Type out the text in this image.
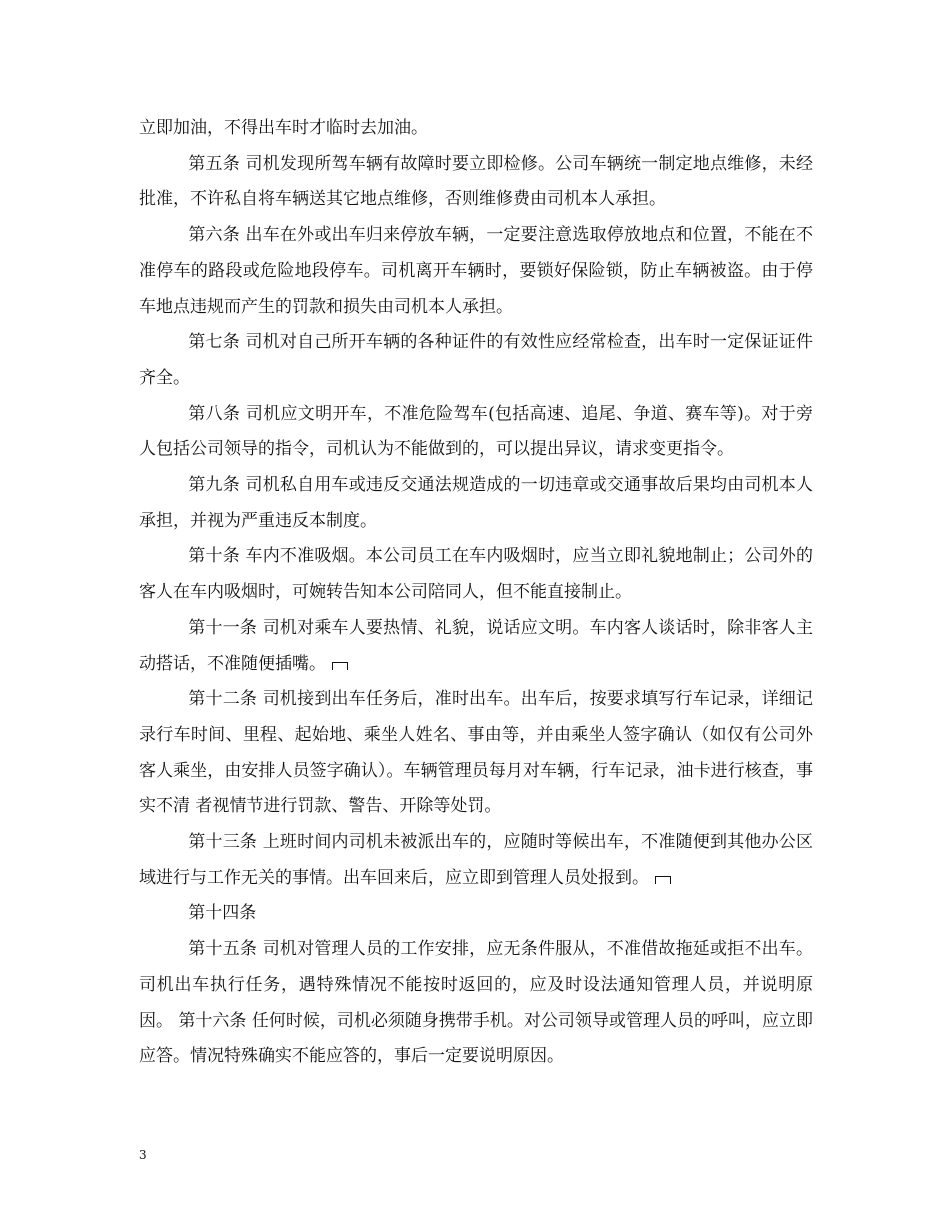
立即加油，不得出车时才临时去加油。

第五条 司机发现所驾车辆有故障时要立即检修。公司车辆统一制定地点维修，未经批准，不许私自将车辆送其它地点维修，否则维修费由司机本人承担。

第六条 出车在外或出车归来停放车辆，一定要注意选取停放地点和位置，不能在不准停车的路段或危险地段停车。司机离开车辆时，要锁好保险锁，防止车辆被盗。由于停车地点违规而产生的罚款和损失由司机本人承担。

第七条 司机对自己所开车辆的各种证件的有效性应经常检查，出车时一定保证证件齐全。

第八条 司机应文明开车，不准危险驾车(包括高速、追尾、争道、赛车等)。对于旁人包括公司领导的指令，司机认为不能做到的，可以提出异议，请求变更指令。

第九条 司机私自用车或违反交通法规造成的一切违章或交通事故后果均由司机本人承担，并视为严重违反本制度。

第十条 车内不准吸烟。本公司员工在车内吸烟时，应当立即礼貌地制止；公司外的客人在车内吸烟时，可婉转告知本公司陪同人，但不能直接制止。

第十一条 司机对乘车人要热情、礼貌，说话应文明。车内客人谈话时，除非客人主动搭话，不准随便插嘴。

第十二条 司机接到出车任务后，准时出车。出车后，按要求填写行车记录，详细记录行车时间、里程、起始地、乘坐人姓名、事由等，并由乘坐人签字确认（如仅有公司外客人乘坐，由安排人员签字确认）。车辆管理员每月对车辆，行车记录，油卡进行核查，事实不清 者视情节进行罚款、警告、开除等处罚。

第十三条 上班时间内司机未被派出车的，应随时等候出车，不准随便到其他办公区域进行与工作无关的事情。出车回来后，应立即到管理人员处报到。

第十四条

第十五条 司机对管理人员的工作安排，应无条件服从，不准借故拖延或拒不出车。 司机出车执行任务，遇特殊情况不能按时返回的，应及时设法通知管理人员，并说明原因。 第十六条 任何时候，司机必须随身携带手机。对公司领导或管理人员的呼叫，应立即应答。情况特殊确实不能应答的，事后一定要说明原因。

3
